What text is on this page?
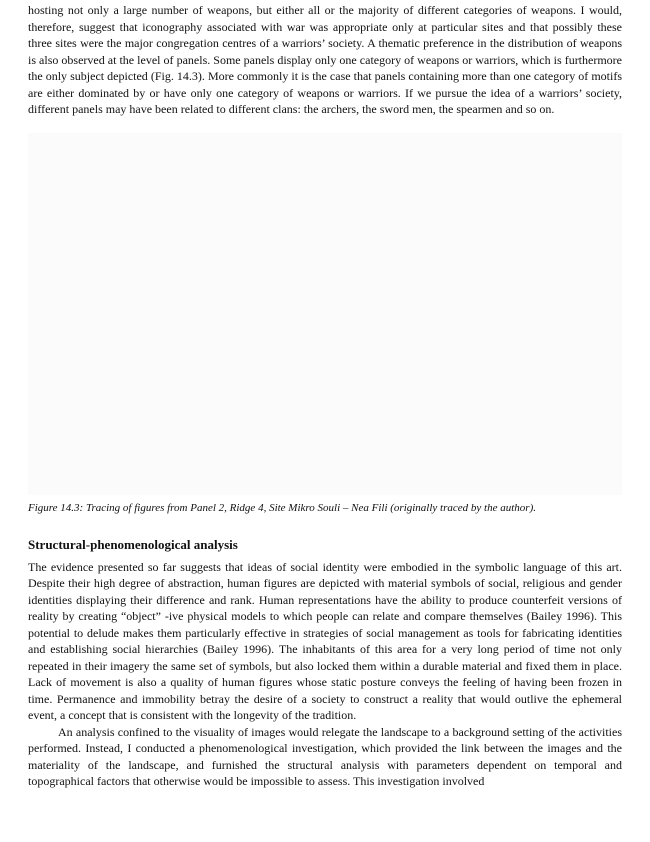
hosting not only a large number of weapons, but either all or the majority of different categories of weapons. I would, therefore, suggest that iconography associated with war was appropriate only at particular sites and that possibly these three sites were the major congregation centres of a warriors’ society. A thematic preference in the distribution of weapons is also observed at the level of panels. Some panels display only one category of weapons or warriors, which is furthermore the only subject depicted (Fig. 14.3). More commonly it is the case that panels containing more than one category of motifs are either dominated by or have only one category of weapons or warriors. If we pursue the idea of a warriors’ society, different panels may have been related to different clans: the archers, the sword men, the spearmen and so on.

Figure 14.3: Tracing of figures from Panel 2, Ridge 4, Site Mikro Souli – Nea Fili (originally traced by the author).
Structural-phenomenological analysis

The evidence presented so far suggests that ideas of social identity were embodied in the symbolic language of this art. Despite their high degree of abstraction, human figures are depicted with material symbols of social, religious and gender identities displaying their difference and rank. Human representations have the ability to produce counterfeit versions of reality by creating “object” -ive physical models to which people can relate and compare themselves (Bailey 1996). This potential to delude makes them particularly effective in strategies of social management as tools for fabricating identities and establishing social hierarchies (Bailey 1996). The inhabitants of this area for a very long period of time not only repeated in their imagery the same set of symbols, but also locked them within a durable material and fixed them in place. Lack of movement is also a quality of human figures whose static posture conveys the feeling of having been frozen in time. Permanence and immobility betray the desire of a society to construct a reality that would outlive the ephemeral event, a concept that is consistent with the longevity of the tradition.

An analysis confined to the visuality of images would relegate the landscape to a background setting of the activities performed. Instead, I conducted a phenomenological investigation, which provided the link between the images and the materiality of the landscape, and furnished the structural analysis with parameters dependent on temporal and topographical factors that otherwise would be impossible to assess. This investigation involved
